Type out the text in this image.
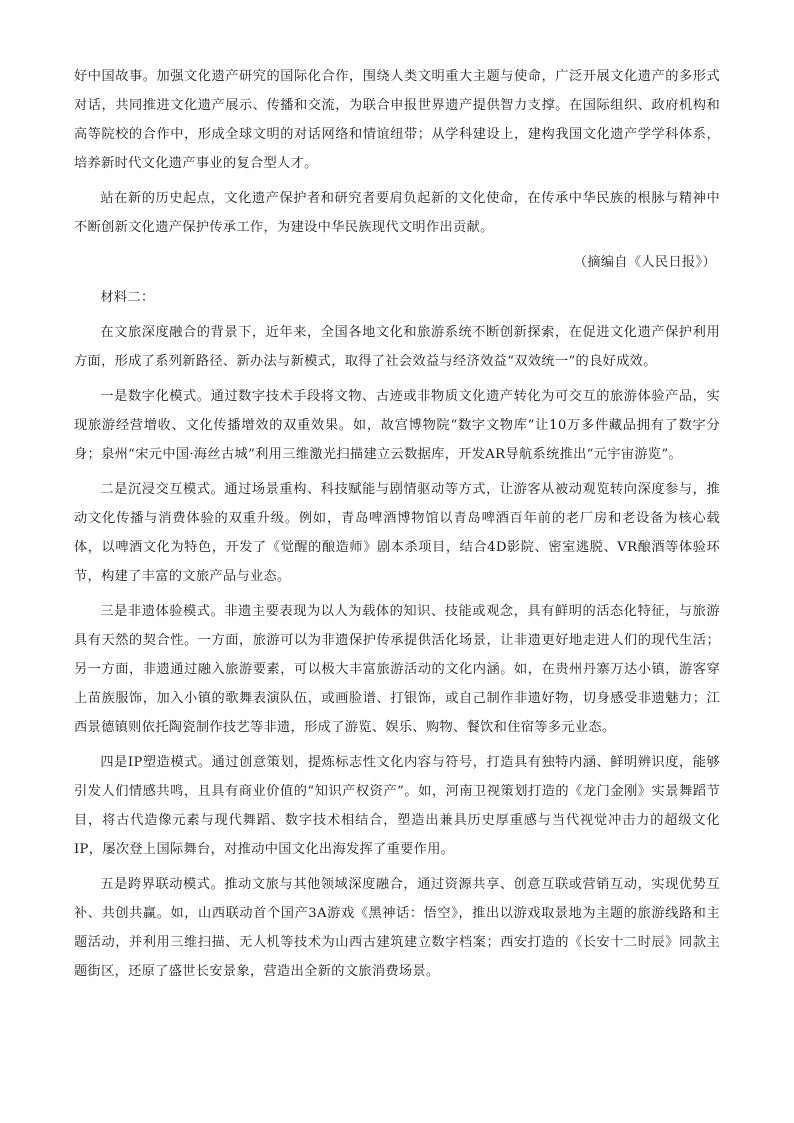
好中国故事。加强文化遗产研究的国际化合作，围绕人类文明重大主题与使命，广泛开展文化遗产的多形式对话，共同推进文化遗产展示、传播和交流，为联合申报世界遗产提供智力支撑。在国际组织、政府机构和高等院校的合作中，形成全球文明的对话网络和情谊纽带；从学科建设上，建构我国文化遗产学学科体系，培养新时代文化遗产事业的复合型人才。

站在新的历史起点，文化遗产保护者和研究者要肩负起新的文化使命，在传承中华民族的根脉与精神中不断创新文化遗产保护传承工作，为建设中华民族现代文明作出贡献。

（摘编自《人民日报》）

材料二：

在文旅深度融合的背景下，近年来，全国各地文化和旅游系统不断创新探索，在促进文化遗产保护利用方面，形成了系列新路径、新办法与新模式，取得了社会效益与经济效益“双效统一”的良好成效。

一是数字化模式。通过数字技术手段将文物、古迹或非物质文化遗产转化为可交互的旅游体验产品，实现旅游经营增收、文化传播增效的双重效果。如，故宫博物院“数字文物库”让10万多件藏品拥有了数字分身；泉州“宋元中国·海丝古城”利用三维激光扫描建立云数据库，开发AR导航系统推出“元宇宙游览”。

二是沉浸交互模式。通过场景重构、科技赋能与剧情驱动等方式，让游客从被动观览转向深度参与，推动文化传播与消费体验的双重升级。例如，青岛啤酒博物馆以青岛啤酒百年前的老厂房和老设备为核心载体，以啤酒文化为特色，开发了《觉醒的酿造师》剧本杀项目，结合4D影院、密室逃脱、VR酿酒等体验环节，构建了丰富的文旅产品与业态。

三是非遗体验模式。非遗主要表现为以人为载体的知识、技能或观念，具有鲜明的活态化特征，与旅游具有天然的契合性。一方面，旅游可以为非遗保护传承提供活化场景，让非遗更好地走进人们的现代生活；另一方面，非遗通过融入旅游要素，可以极大丰富旅游活动的文化内涵。如，在贵州丹寨万达小镇，游客穿上苗族服饰，加入小镇的歌舞表演队伍，或画脸谱、打银饰，或自己制作非遗好物，切身感受非遗魅力；江西景德镇则依托陶瓷制作技艺等非遗，形成了游览、娱乐、购物、餐饮和住宿等多元业态。

四是IP塑造模式。通过创意策划，提炼标志性文化内容与符号，打造具有独特内涵、鲜明辨识度，能够引发人们情感共鸣，且具有商业价值的“知识产权资产”。如，河南卫视策划打造的《龙门金刚》实景舞蹈节目，将古代造像元素与现代舞蹈、数字技术相结合，塑造出兼具历史厚重感与当代视觉冲击力的超级文化IP，屡次登上国际舞台，对推动中国文化出海发挥了重要作用。

五是跨界联动模式。推动文旅与其他领域深度融合，通过资源共享、创意互联或营销互动，实现优势互补、共创共赢。如，山西联动首个国产3A游戏《黑神话：悟空》，推出以游戏取景地为主题的旅游线路和主题活动，并利用三维扫描、无人机等技术为山西古建筑建立数字档案；西安打造的《长安十二时辰》同款主题街区，还原了盛世长安景象，营造出全新的文旅消费场景。
